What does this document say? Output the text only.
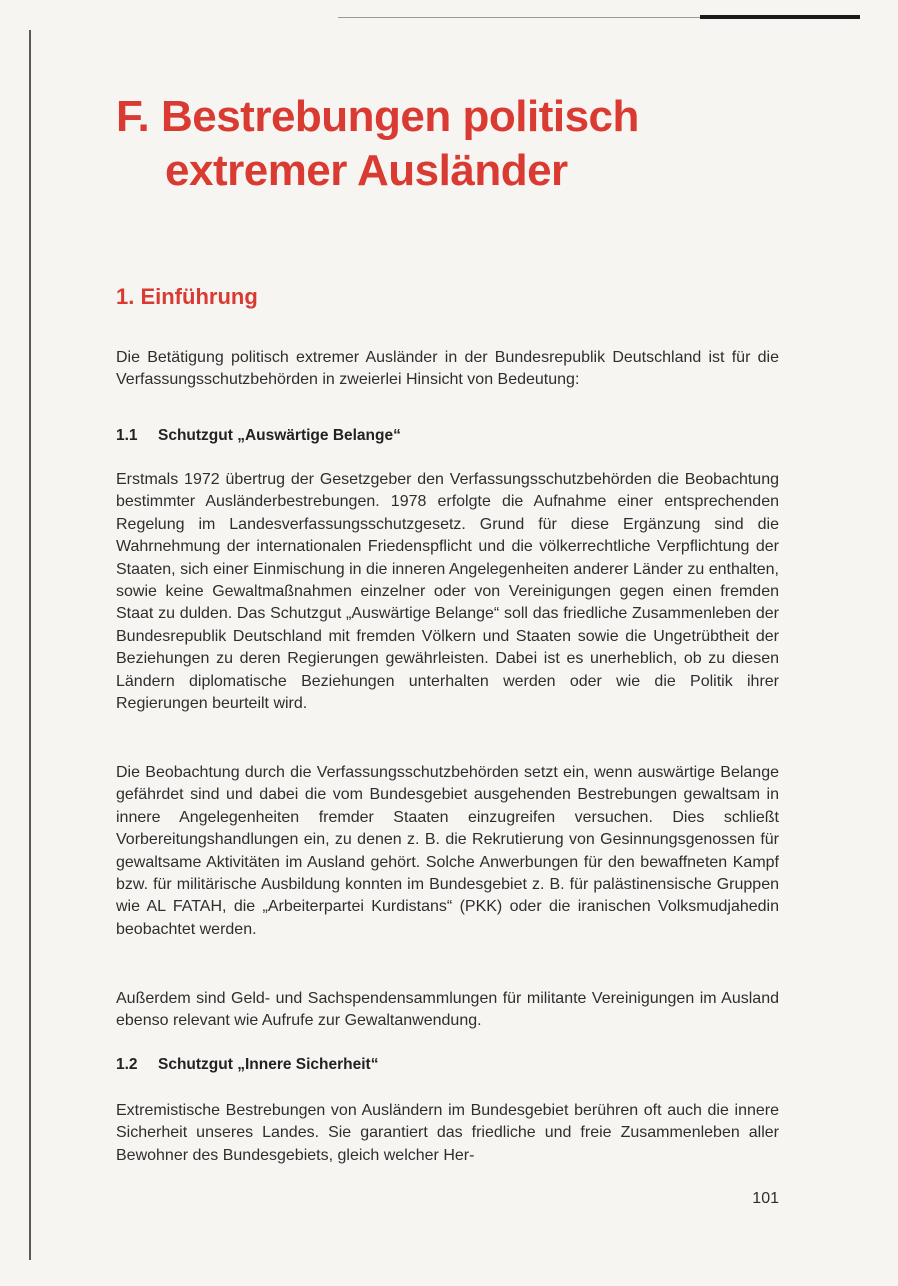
F. Bestrebungen politisch
extremer Ausländer
1. Einführung

Die Betätigung politisch extremer Ausländer in der Bundesrepublik Deutschland ist für die Verfassungsschutzbehörden in zweierlei Hinsicht von Bedeutung:

1.1 Schutzgut „Auswärtige Belange“

Erstmals 1972 übertrug der Gesetzgeber den Verfassungsschutzbehörden die Beobachtung bestimmter Ausländerbestrebungen. 1978 erfolgte die Aufnahme einer entsprechenden Regelung im Landesverfassungsschutzgesetz. Grund für diese Ergänzung sind die Wahrnehmung der internationalen Friedenspflicht und die völkerrechtliche Verpflichtung der Staaten, sich einer Einmischung in die inneren Angelegenheiten anderer Länder zu enthalten, sowie keine Gewaltmaßnahmen einzelner oder von Vereinigungen gegen einen fremden Staat zu dulden. Das Schutzgut „Auswärtige Belange“ soll das friedliche Zusammenleben der Bundesrepublik Deutschland mit fremden Völkern und Staaten sowie die Ungetrübtheit der Beziehungen zu deren Regierungen gewährleisten. Dabei ist es unerheblich, ob zu diesen Ländern diplomatische Beziehungen unterhalten werden oder wie die Politik ihrer Regierungen beurteilt wird.

Die Beobachtung durch die Verfassungsschutzbehörden setzt ein, wenn auswärtige Belange gefährdet sind und dabei die vom Bundesgebiet ausgehenden Bestrebungen gewaltsam in innere Angelegenheiten fremder Staaten einzugreifen versuchen. Dies schließt Vorbereitungshandlungen ein, zu denen z. B. die Rekrutierung von Gesinnungsgenossen für gewaltsame Aktivitäten im Ausland gehört. Solche Anwerbungen für den bewaffneten Kampf bzw. für militärische Ausbildung konnten im Bundesgebiet z. B. für palästinensische Gruppen wie AL FATAH, die „Arbeiterpartei Kurdistans“ (PKK) oder die iranischen Volksmudjahedin beobachtet werden.

Außerdem sind Geld- und Sachspendensammlungen für militante Vereinigungen im Ausland ebenso relevant wie Aufrufe zur Gewaltanwendung.

1.2 Schutzgut „Innere Sicherheit“

Extremistische Bestrebungen von Ausländern im Bundesgebiet berühren oft auch die innere Sicherheit unseres Landes. Sie garantiert das friedliche und freie Zusammenleben aller Bewohner des Bundesgebiets, gleich welcher Her-

101
